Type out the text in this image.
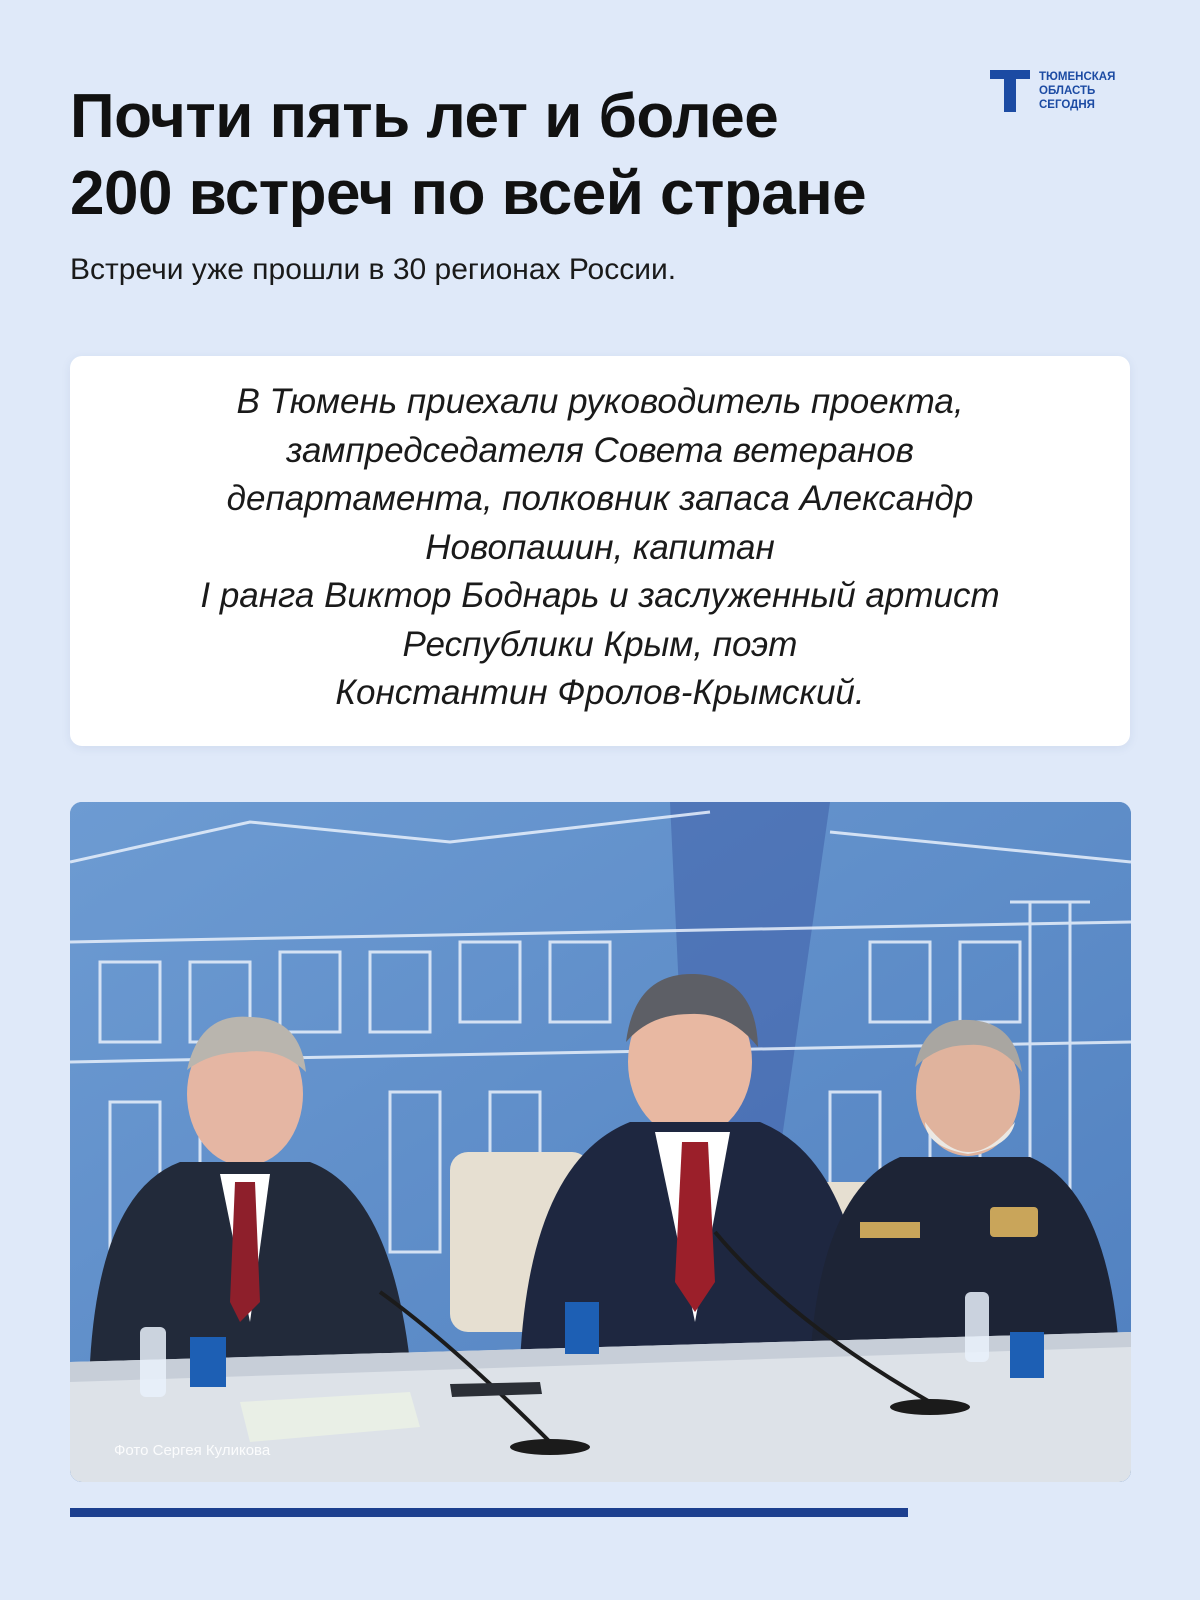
Почти пять лет и более
200 встреч по всей стране

Встречи уже прошли в 30 регионах России.

ТЮМЕНСКАЯ
ОБЛАСТЬ
СЕГОДНЯ

В Тюмень приехали руководитель проекта,
зампредседателя Совета ветеранов
департамента, полковник запаса Александр
Новопашин, капитан
I ранга Виктор Боднарь и заслуженный артист
Республики Крым, поэт
Константин Фролов-Крымский.

Фото Сергея Куликова
